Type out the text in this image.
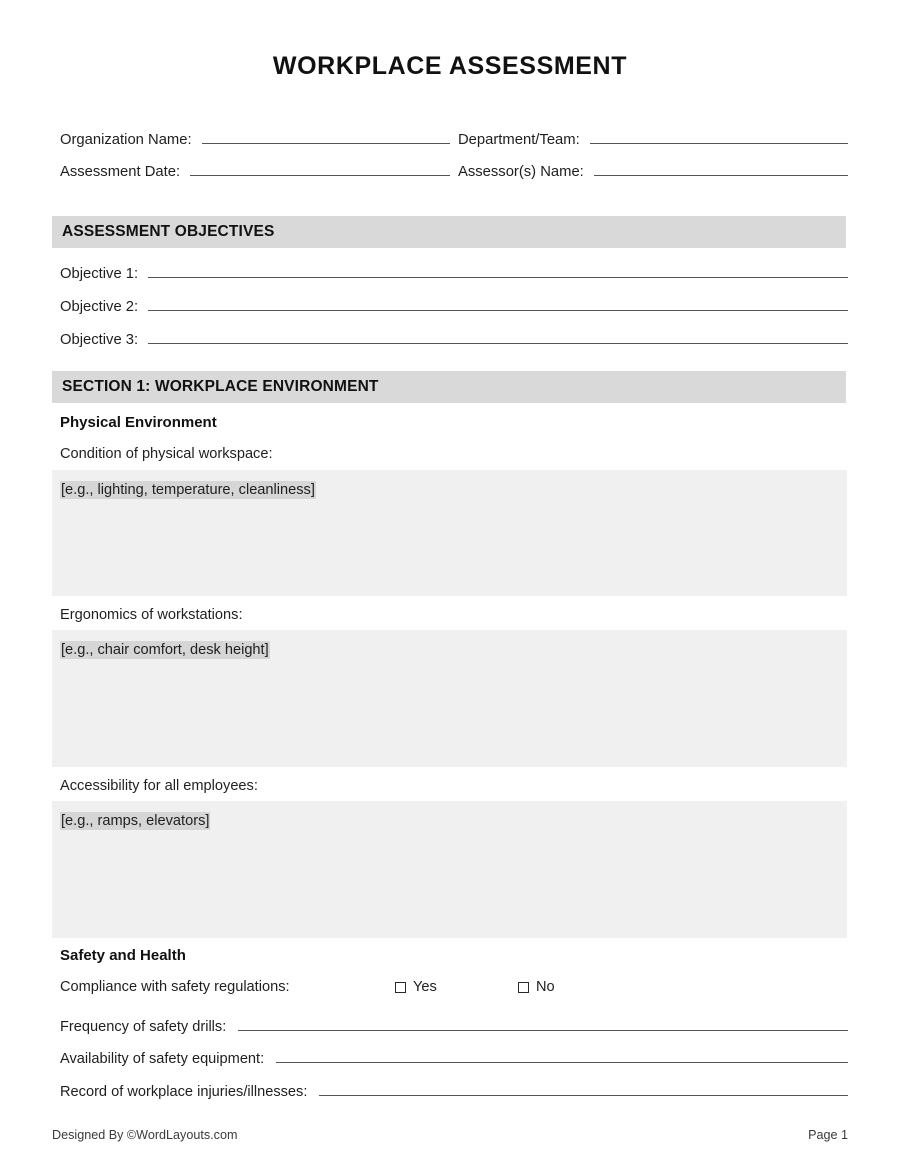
WORKPLACE ASSESSMENT
Organization Name:	Department/Team:
Assessment Date:	Assessor(s) Name:
ASSESSMENT OBJECTIVES
Objective 1:
Objective 2:
Objective 3:
SECTION 1: WORKPLACE ENVIRONMENT
Physical Environment
Condition of physical workspace:
[e.g., lighting, temperature, cleanliness]
Ergonomics of workstations:
[e.g., chair comfort, desk height]
Accessibility for all employees:
[e.g., ramps, elevators]
Safety and Health
Compliance with safety regulations:	Yes	No
Frequency of safety drills:
Availability of safety equipment:
Record of workplace injuries/illnesses:
Designed By ©WordLayouts.com	Page 1
